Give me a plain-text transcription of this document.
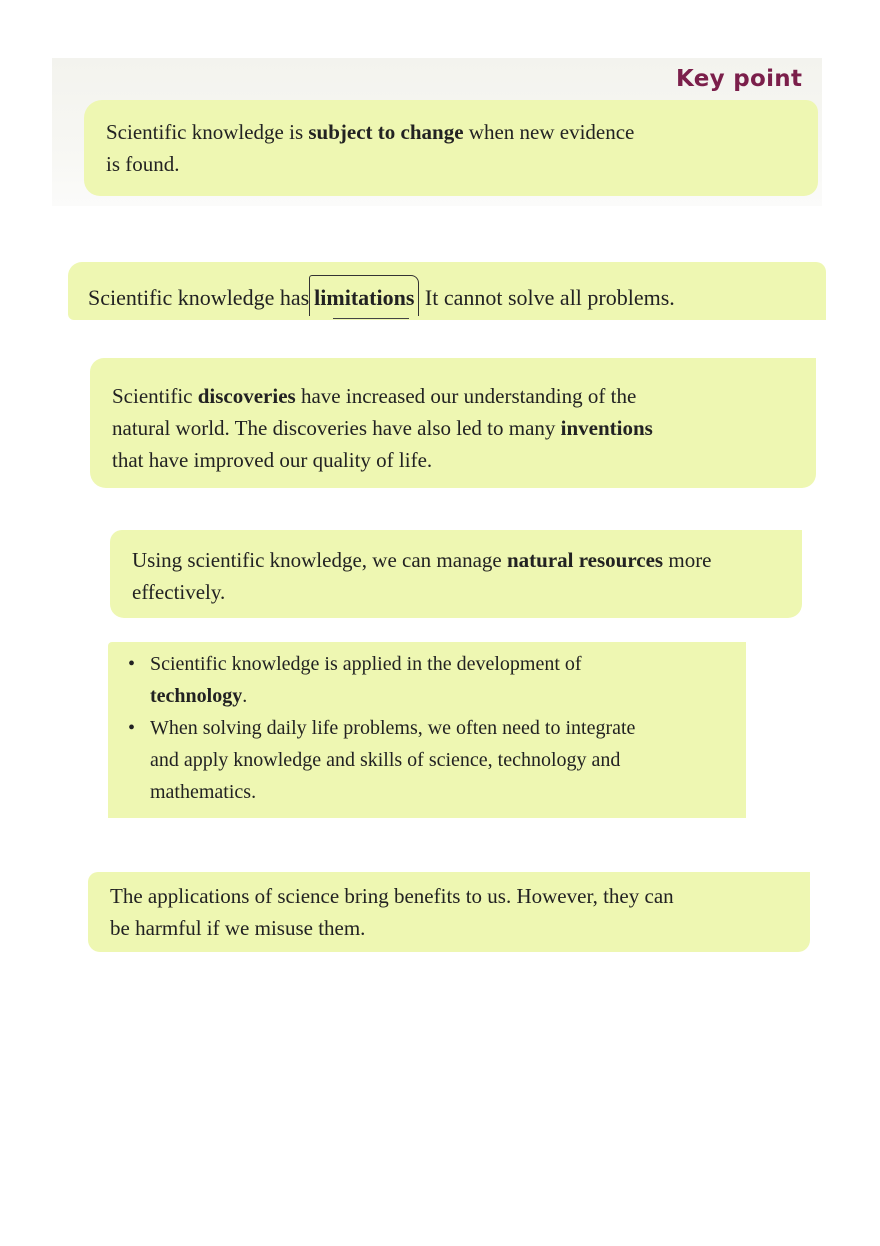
Key point

Scientific knowledge is subject to change when new evidence

is found.

Scientific knowledge has limitations It cannot solve all problems.

Scientific discoveries have increased our understanding of the

natural world. The discoveries have also led to many inventions

that have improved our quality of life.

Using scientific knowledge, we can manage natural resources more

effectively.

• Scientific knowledge is applied in the development of
technology.
• When solving daily life problems, we often need to integrate
and apply knowledge and skills of science, technology and
mathematics.

The applications of science bring benefits to us. However, they can

be harmful if we misuse them.
